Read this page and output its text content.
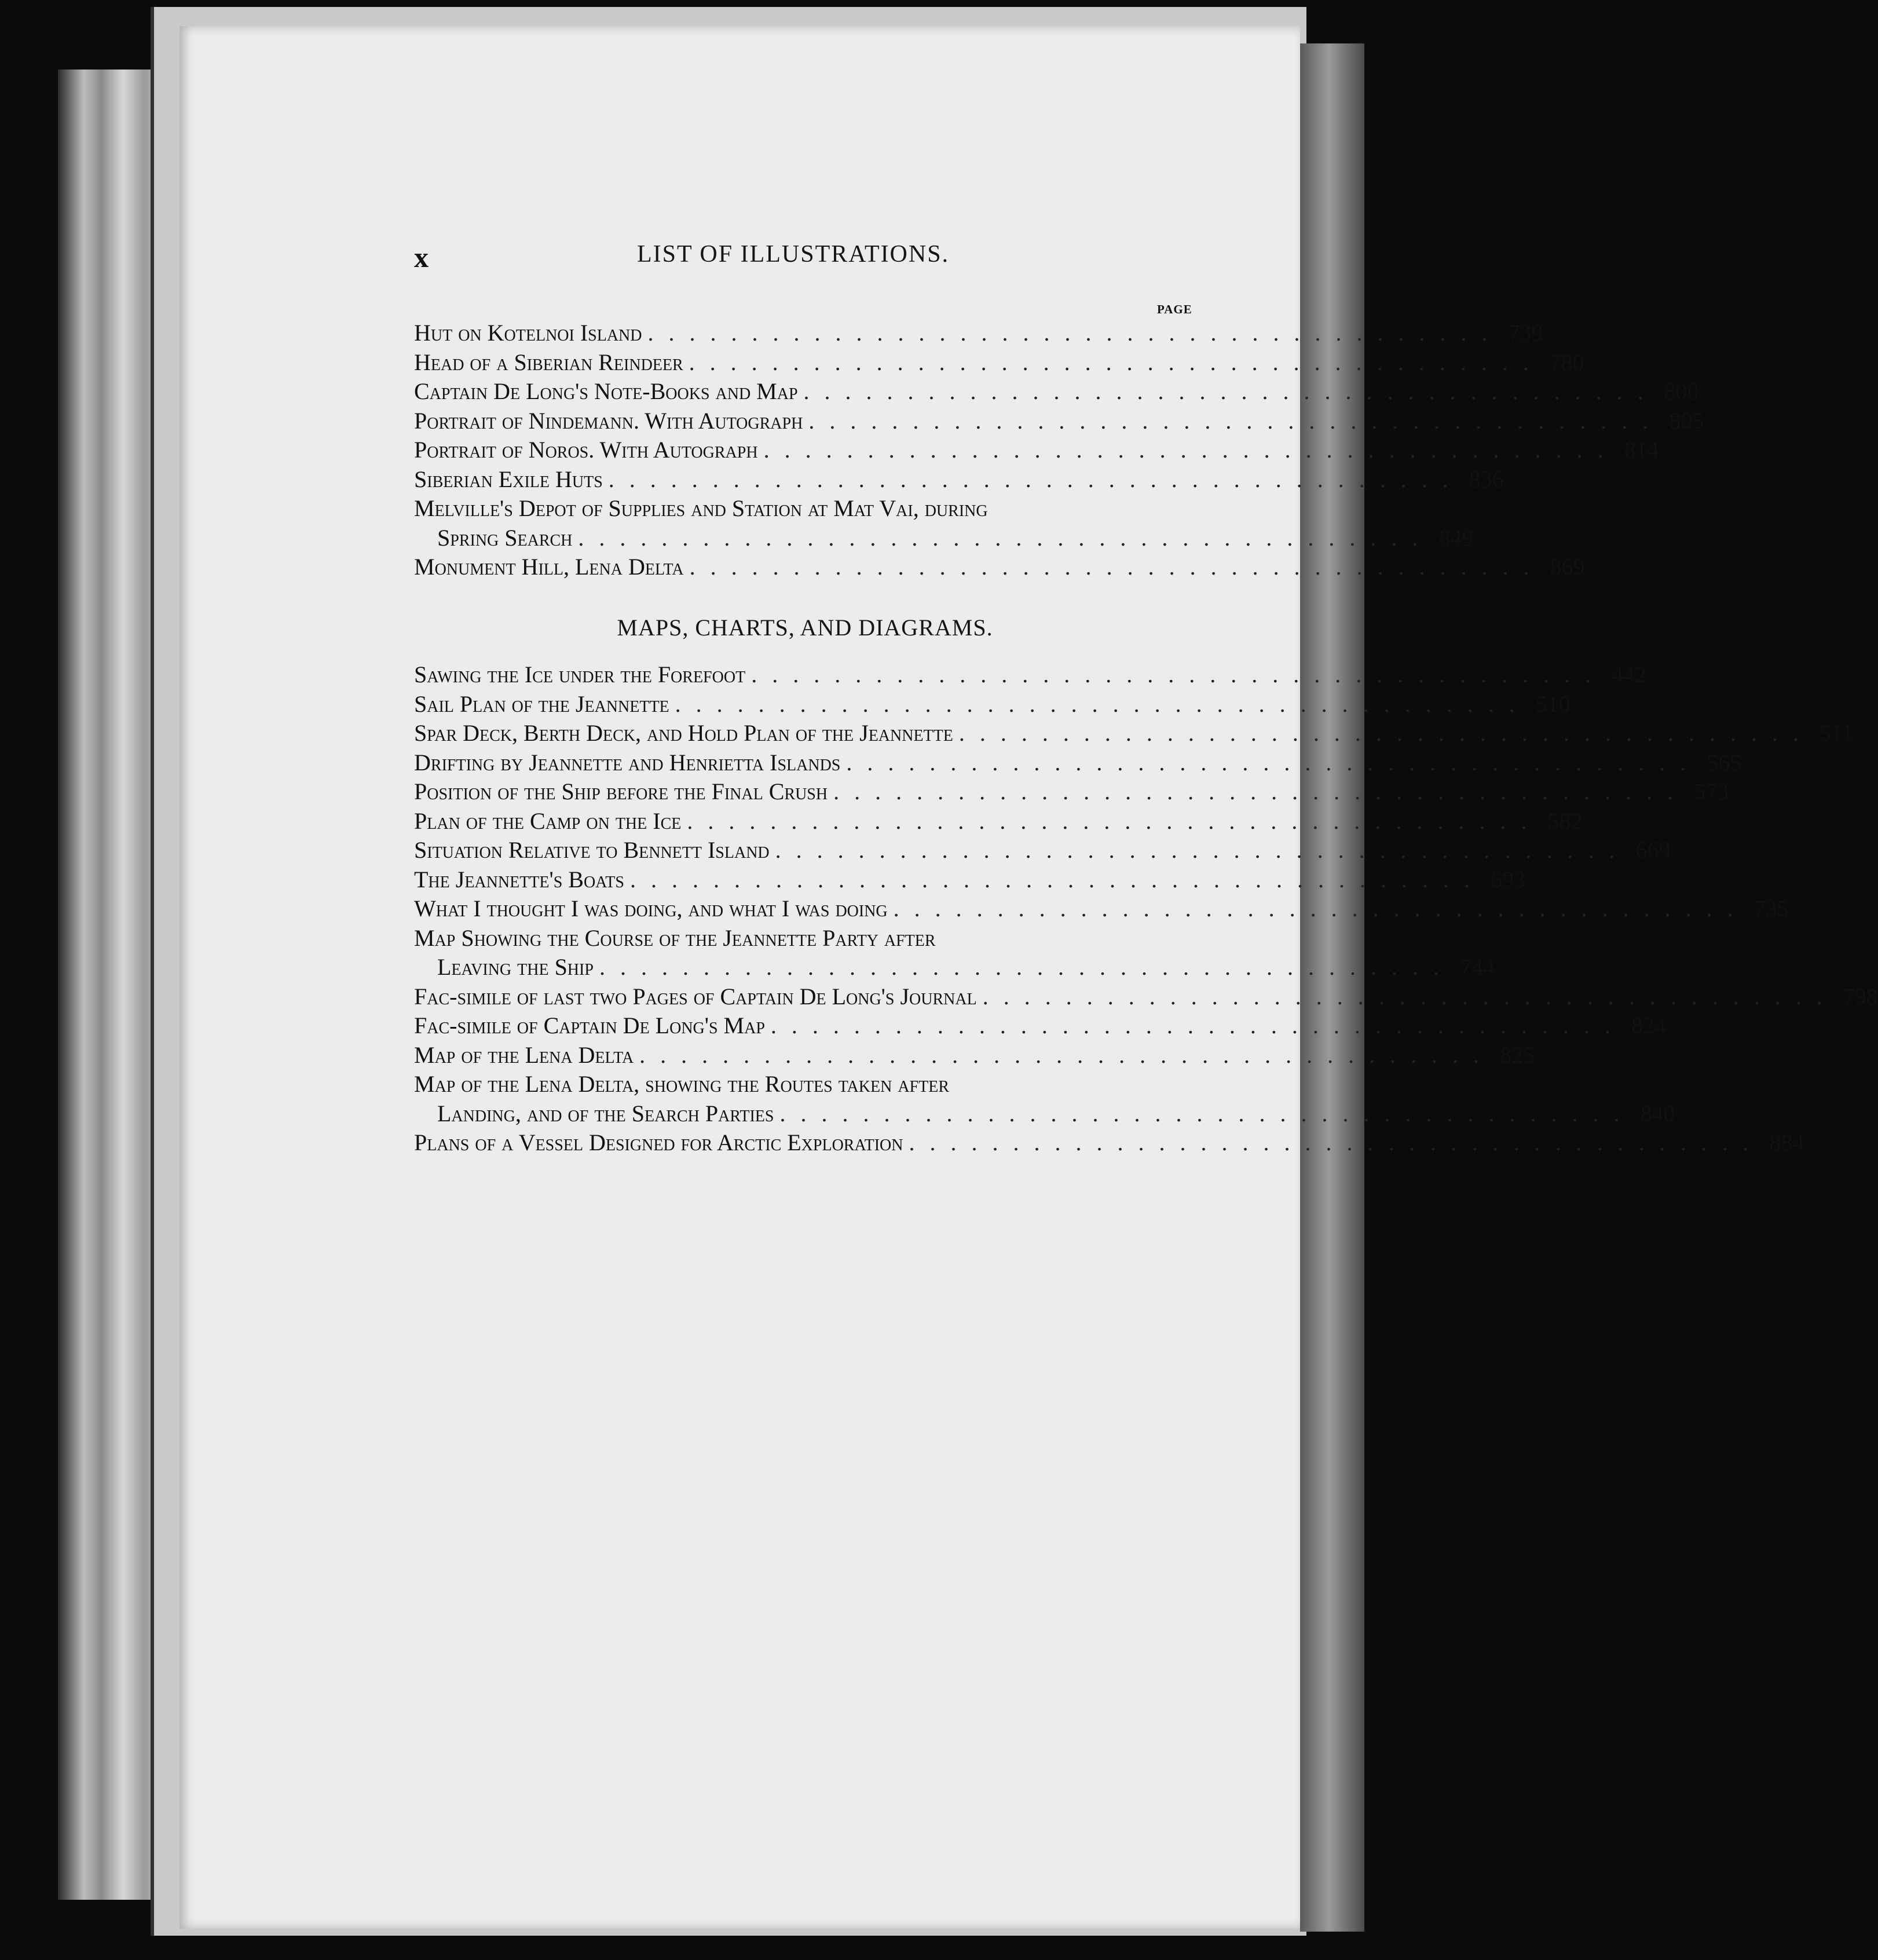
x	LIST OF ILLUSTRATIONS.
PAGE
Hut on Kotelnoi Island ......................................... 739
Head of a Siberian Reindeer ......................................... 780
Captain De Long's Note-Books and Map ......................................... 800
Portrait of Nindemann. With Autograph ......................................... 805
Portrait of Noros. With Autograph ......................................... 814
Siberian Exile Huts ......................................... 836
Melville's Depot of Supplies and Station at Mat Vai, during
Spring Search ......................................... 849
Monument Hill, Lena Delta ......................................... 869
MAPS, CHARTS, AND DIAGRAMS.
Sawing the Ice under the Forefoot ......................................... 442
Sail Plan of the Jeannette ......................................... 510
Spar Deck, Berth Deck, and Hold Plan of the Jeannette ......................................... 511
Drifting by Jeannette and Henrietta Islands ......................................... 565
Position of the Ship before the Final Crush ......................................... 573
Plan of the Camp on the Ice ......................................... 582
Situation Relative to Bennett Island ......................................... 669
The Jeannette's Boats ......................................... 693
What I thought I was doing, and what I was doing ......................................... 735
Map Showing the Course of the Jeannette Party after
Leaving the Ship ......................................... 744
Fac-simile of last two Pages of Captain De Long's Journal ......................................... 798
Fac-simile of Captain De Long's Map ......................................... 824
Map of the Lena Delta ......................................... 825
Map of the Lena Delta, showing the Routes taken after
Landing, and of the Search Parties ......................................... 840
Plans of a Vessel Designed for Arctic Exploration ......................................... 884
